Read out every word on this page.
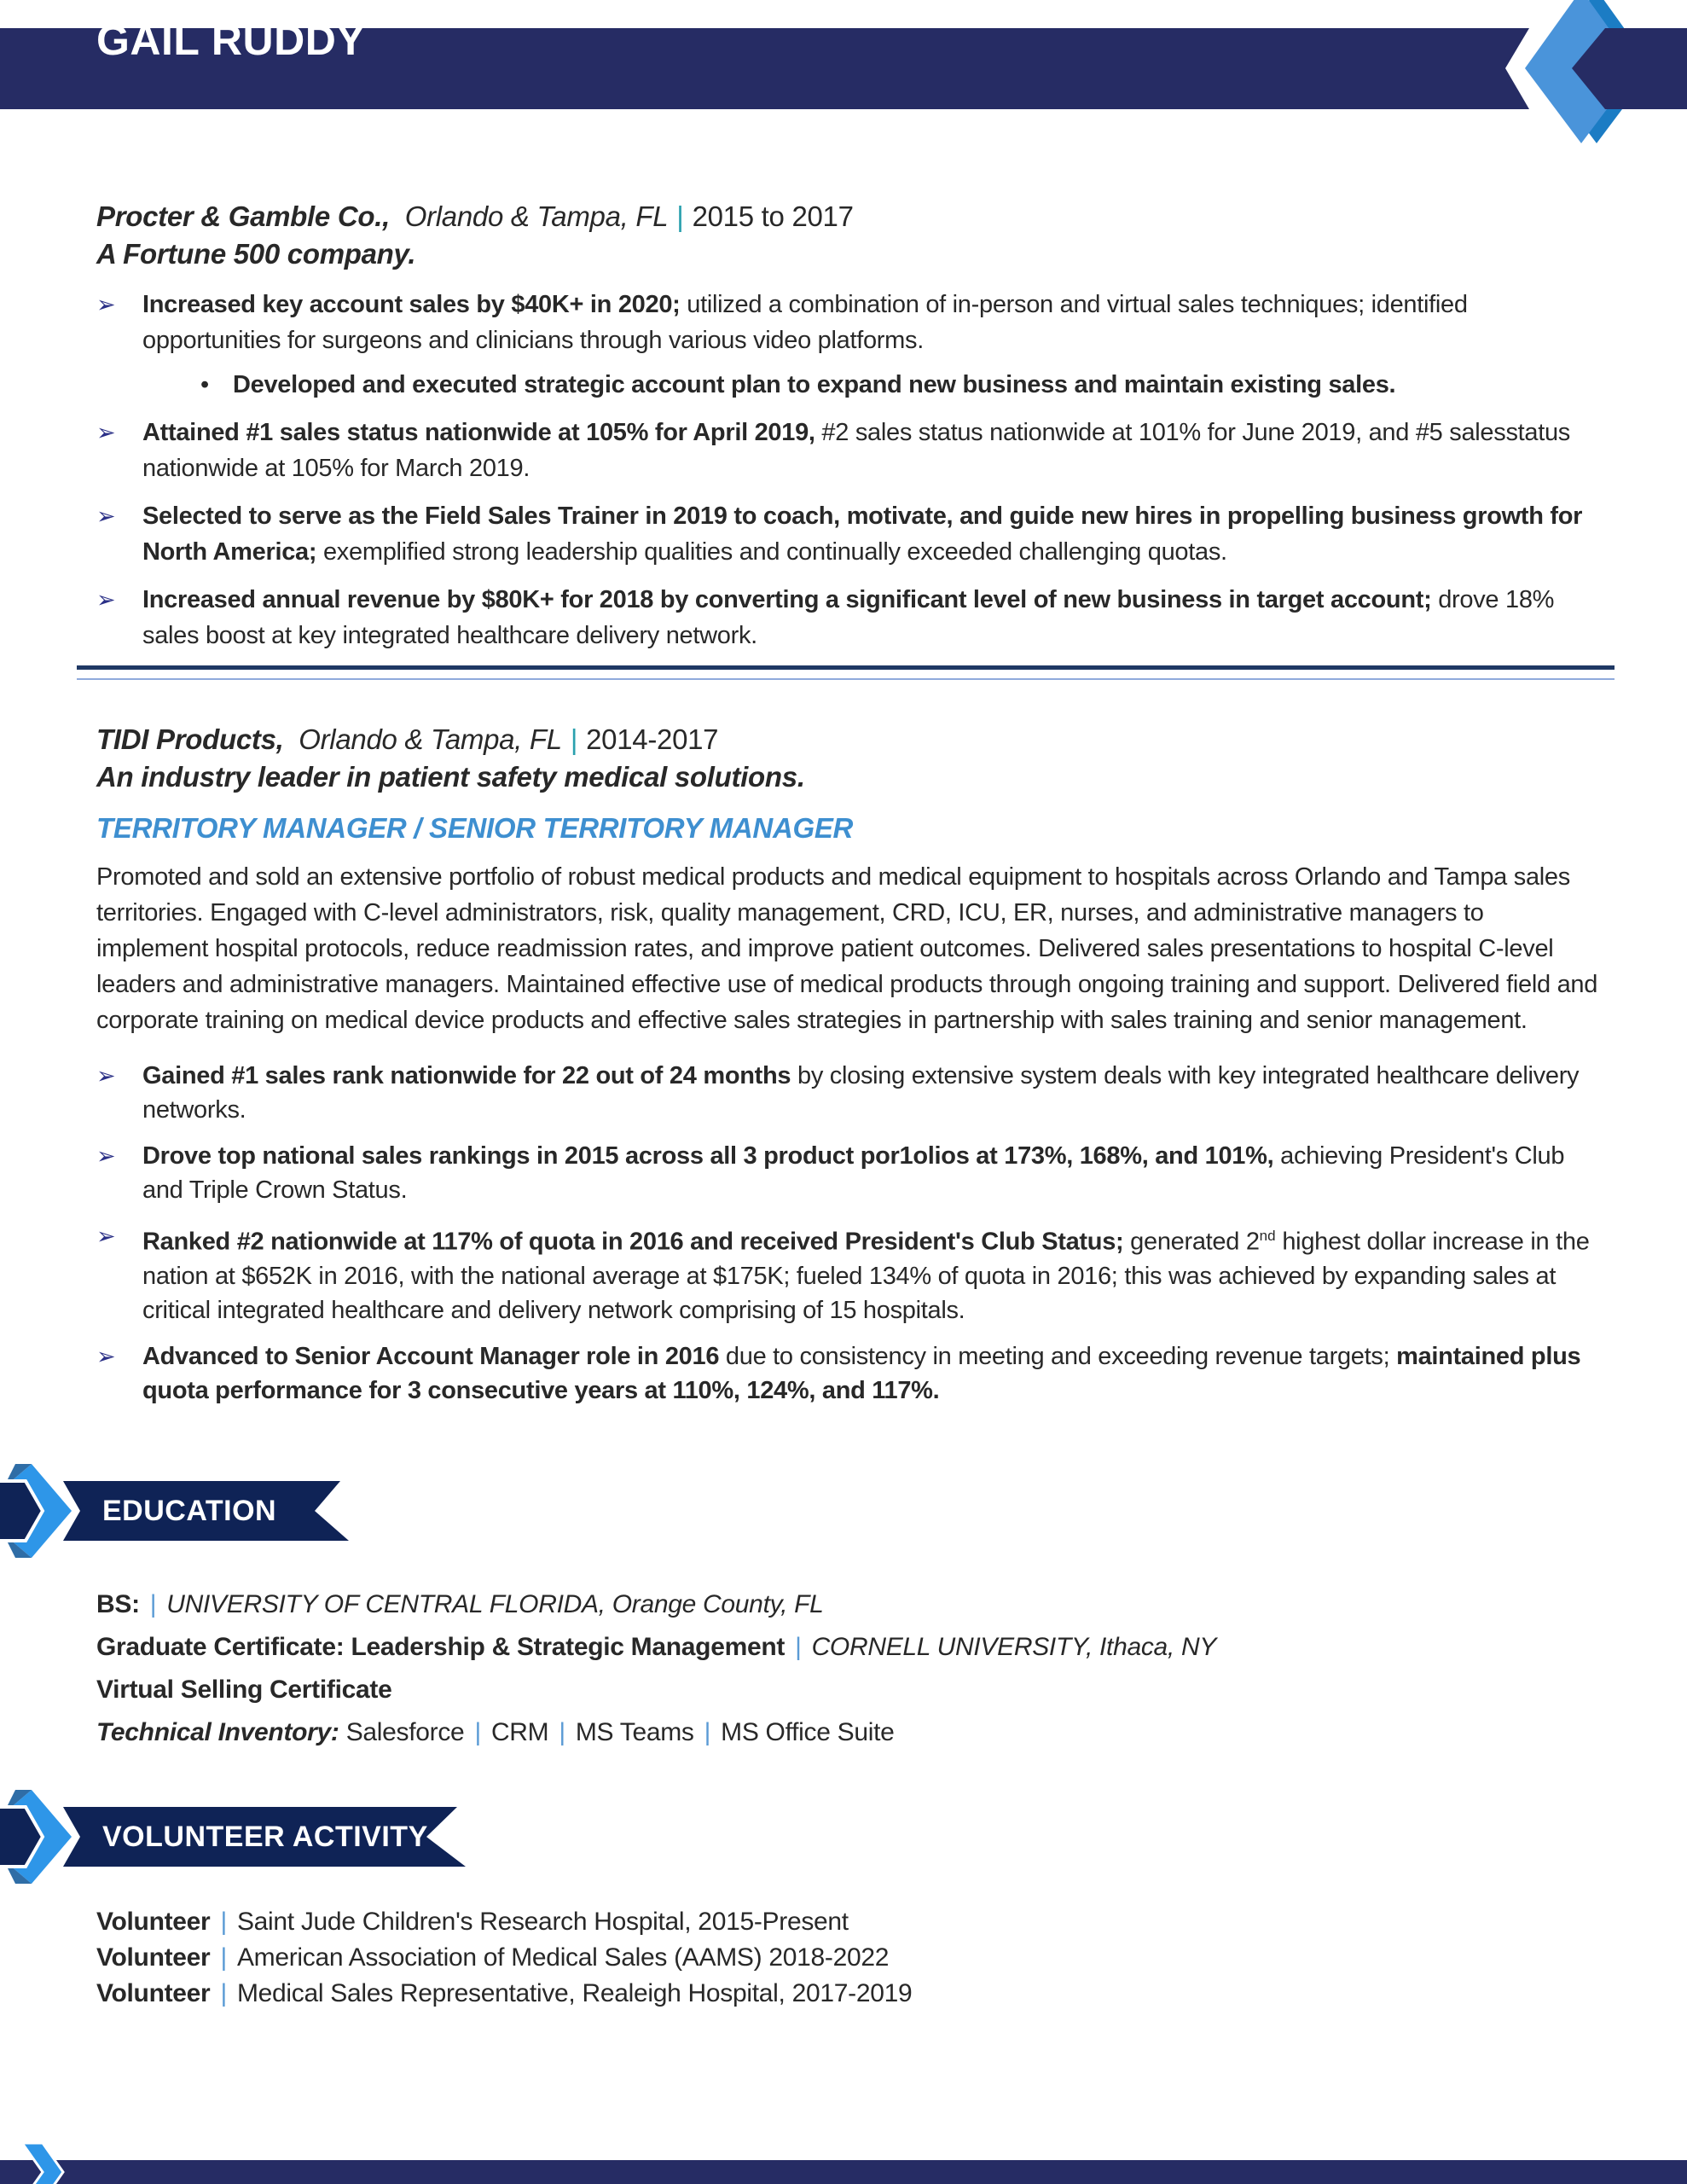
GAIL RUDDY
Procter & Gamble Co., Orlando & Tampa, FL | 2015 to 2017
A Fortune 500 company.
➢	Increased key account sales by $40K+ in 2020; utilized a combination of in-person and virtual sales techniques; identified opportunities for surgeons and clinicians through various video platforms.
• Developed and executed strategic account plan to expand new business and maintain existing sales.
➢	Attained #1 sales status nationwide at 105% for April 2019, #2 sales status nationwide at 101% for June 2019, and #5 salesstatus nationwide at 105% for March 2019.
➢	Selected to serve as the Field Sales Trainer in 2019 to coach, motivate, and guide new hires in propelling business growth for North America; exemplified strong leadership qualities and continually exceeded challenging quotas.
➢	Increased annual revenue by $80K+ for 2018 by converting a significant level of new business in target account; drove 18% sales boost at key integrated healthcare delivery network.
TIDI Products, Orlando & Tampa, FL | 2014-2017
An industry leader in patient safety medical solutions.
TERRITORY MANAGER / SENIOR TERRITORY MANAGER
Promoted and sold an extensive portfolio of robust medical products and medical equipment to hospitals across Orlando and Tampa sales territories. Engaged with C-level administrators, risk, quality management, CRD, ICU, ER, nurses, and administrative managers to implement hospital protocols, reduce readmission rates, and improve patient outcomes. Delivered sales presentations to hospital C-level leaders and administrative managers. Maintained effective use of medical products through ongoing training and support. Delivered field and corporate training on medical device products and effective sales strategies in partnership with sales training and senior management.
➢	Gained #1 sales rank nationwide for 22 out of 24 months by closing extensive system deals with key integrated healthcare delivery networks.
➢	Drove top national sales rankings in 2015 across all 3 product por1olios at 173%, 168%, and 101%, achieving President's Club and Triple Crown Status.
➢	Ranked #2 nationwide at 117% of quota in 2016 and received President's Club Status; generated 2nd highest dollar increase in the nation at $652K in 2016, with the national average at $175K; fueled 134% of quota in 2016; this was achieved by expanding sales at critical integrated healthcare and delivery network comprising of 15 hospitals.
➢	Advanced to Senior Account Manager role in 2016 due to consistency in meeting and exceeding revenue targets; maintained plus quota performance for 3 consecutive years at 110%, 124%, and 117%.
EDUCATION
BS: | UNIVERSITY OF CENTRAL FLORIDA, Orange County, FL
Graduate Certificate: Leadership & Strategic Management | CORNELL UNIVERSITY, Ithaca, NY
Virtual Selling Certificate
Technical Inventory: Salesforce | CRM | MS Teams | MS Office Suite
VOLUNTEER ACTIVITY
Volunteer | Saint Jude Children's Research Hospital, 2015-Present
Volunteer | American Association of Medical Sales (AAMS) 2018-2022
Volunteer | Medical Sales Representative, Realeigh Hospital, 2017-2019
